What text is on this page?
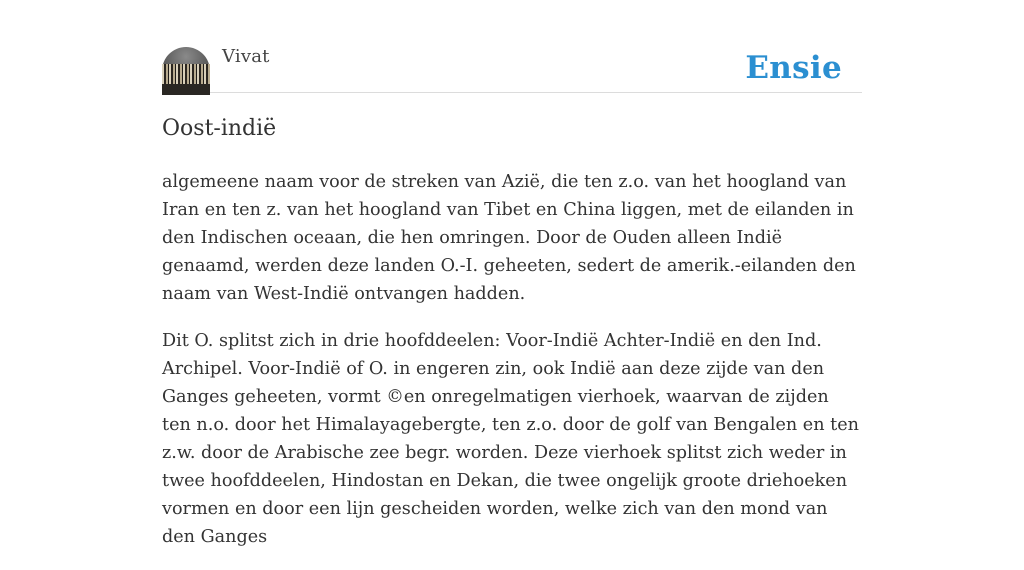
Vivat	Ensie
Oost-indië

algemeene naam voor de streken van Azië, die ten z.o. van het hoogland van Iran en ten z. van het hoogland van Tibet en China liggen, met de eilanden in den Indischen oceaan, die hen omringen. Door de Ouden alleen Indië genaamd, werden deze landen O.-I. geheeten, sedert de amerik.-eilanden den naam van West-Indië ontvangen hadden.

Dit O. splitst zich in drie hoofddeelen: Voor-Indië Achter-Indië en den Ind. Archipel. Voor-Indië of O. in engeren zin, ook Indië aan deze zijde van den Ganges geheeten, vormt ©en onregelmatigen vierhoek, waarvan de zijden ten n.o. door het Himalayagebergte, ten z.o. door de golf van Bengalen en ten z.w. door de Arabische zee begr. worden. Deze vierhoek splitst zich weder in twee hoofddeelen, Hindostan en Dekan, die twee ongelijk groote driehoeken vormen en door een lijn gescheiden worden, welke zich van den mond van den Ganges
